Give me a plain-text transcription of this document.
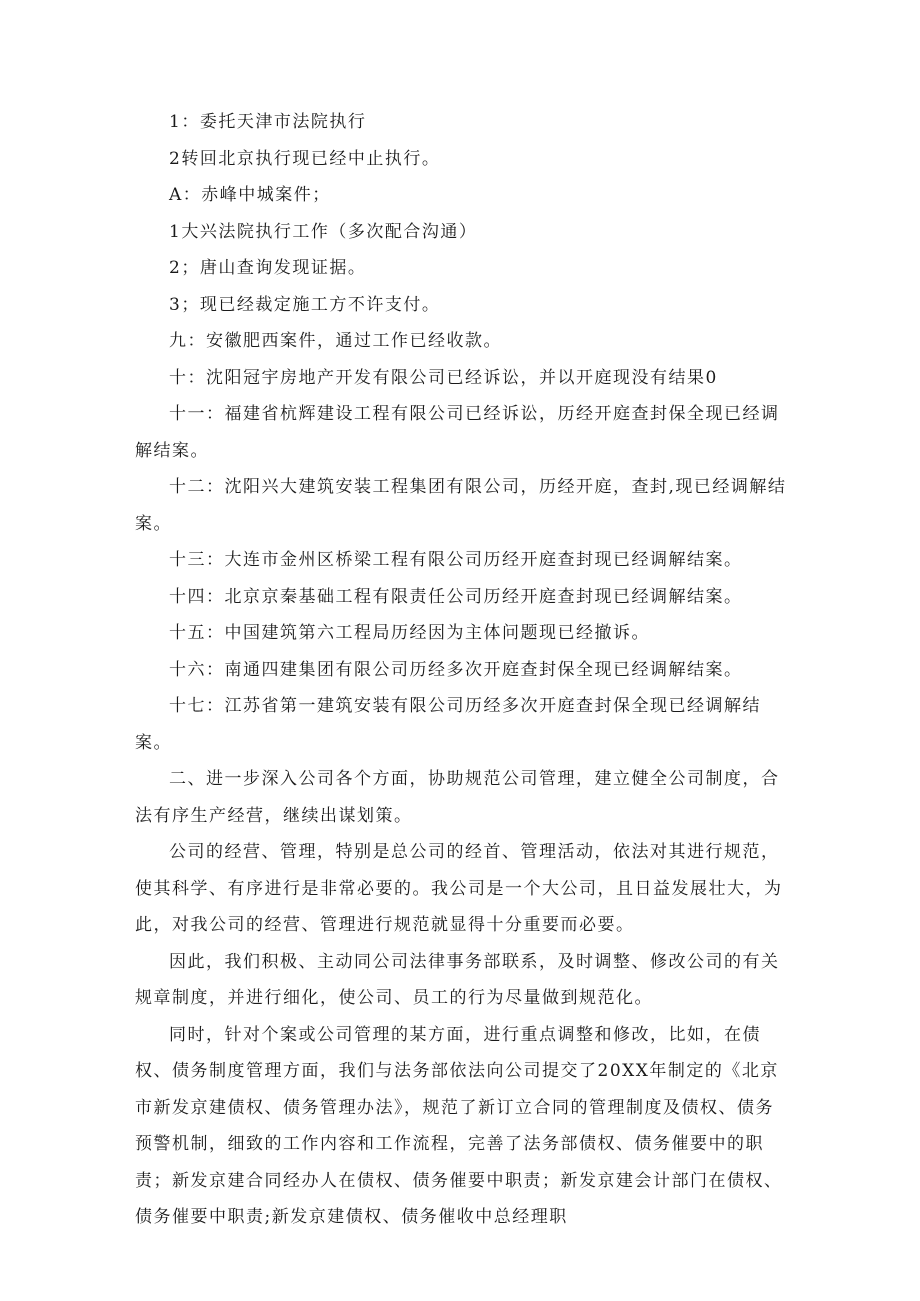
1：委托天津市法院执行

2转回北京执行现已经中止执行。

A：赤峰中城案件；

1大兴法院执行工作（多次配合沟通）

2；唐山查询发现证据。

3；现已经裁定施工方不许支付。

九：安徽肥西案件，通过工作已经收款。

十：沈阳冠宇房地产开发有限公司已经诉讼，并以开庭现没有结果0

十一：福建省杭辉建设工程有限公司已经诉讼，历经开庭查封保全现已经调解结案。

十二：沈阳兴大建筑安装工程集团有限公司，历经开庭，查封,现已经调解结案。

十三：大连市金州区桥梁工程有限公司历经开庭查封现已经调解结案。

十四：北京京秦基础工程有限责任公司历经开庭查封现已经调解结案。

十五：中国建筑第六工程局历经因为主体问题现已经撤诉。

十六：南通四建集团有限公司历经多次开庭查封保全现已经调解结案。

十七：江苏省第一建筑安装有限公司历经多次开庭查封保全现已经调解结案。

二、进一步深入公司各个方面，协助规范公司管理，建立健全公司制度，合法有序生产经营，继续出谋划策。

公司的经营、管理，特别是总公司的经首、管理活动，依法对其进行规范，使其科学、有序进行是非常必要的。我公司是一个大公司，且日益发展壮大，为此，对我公司的经营、管理进行规范就显得十分重要而必要。

因此，我们积极、主动同公司法律事务部联系，及时调整、修改公司的有关规章制度，并进行细化，使公司、员工的行为尽量做到规范化。

同时，针对个案或公司管理的某方面，进行重点调整和修改，比如，在债权、债务制度管理方面，我们与法务部依法向公司提交了20XX年制定的《北京市新发京建债权、债务管理办法》，规范了新订立合同的管理制度及债权、债务预警机制，细致的工作内容和工作流程，完善了法务部债权、债务催要中的职责；新发京建合同经办人在债权、债务催要中职责；新发京建会计部门在债权、债务催要中职责;新发京建债权、债务催收中总经理职
